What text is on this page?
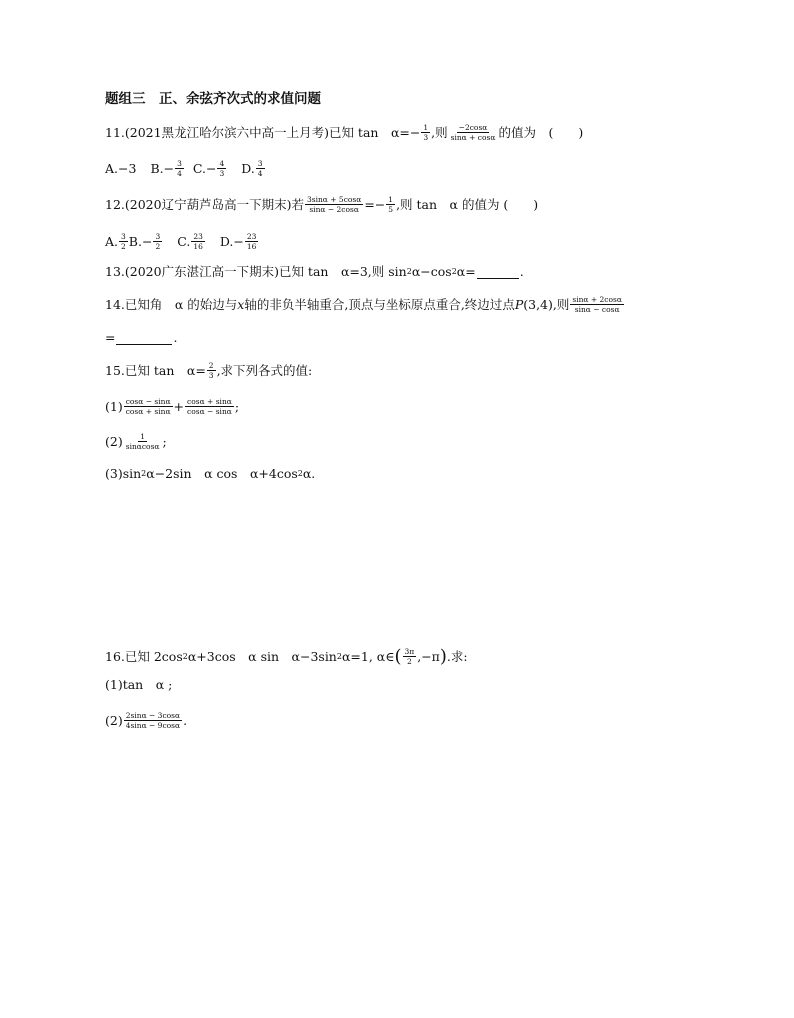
题组三　正、余弦齐次式的求值问题
11.(2021黑龙江哈尔滨六中高一上月考)已知 tan　$\alpha= - \frac{1}{3}$ ,则 $\frac{-2\cos\alpha}{\sin\alpha + \cos\alpha}$ 的值为　(　　)
A.−3 $B.- \frac{3}{4} C.- \frac{4}{3} D$. $\frac{3}{4}$
12.(2020辽宁葫芦岛高一下期末)若 $\frac{3\sin\alpha + 5\cos\alpha}{\sin\alpha - 2\cos\alpha} =- \frac{1}{5}$ ,则 tan　α 的值为 (　　)
A. $\frac{3}{2} B.- \frac{3}{2} C$. $\frac{23}{16} D.- \frac{23}{16}$
13.(2020广东湛江高一下期末)已知 tan　α=3,则 sin 2 α−cos 2 α=	.
14.已知角　α 的始边与 x 轴的非负半轴重合,顶点与坐标原点重合,终边过点 P (3,4),则 $\frac{\sin\alpha + 2\cos\alpha}{\sin\alpha - \cos\alpha}$
=	.
15.已知 tan　$\alpha= \frac{2}{3}$ ,求下列各式的值:
$(1) \frac{\cos\alpha - \sin\alpha}{\cos\alpha + \sin\alpha} + \frac{\cos\alpha + \sin\alpha}{\cos\alpha - \sin\alpha}$ ;
$(2) \frac{1}{\sin\alpha\cos\alpha}$ ;
(3)sin 2 α−2sin　α cos　α+4cos 2 α.
16.已知 2cos 2 α+3cos　α sin　α−3sin 2 α=1, α∈ ( $\frac{3\pi}{2} ,-\pi$ ) .求:
(1)tan　α ;
$(2) \frac{2\sin\alpha - 3\cos\alpha}{4\sin\alpha - 9\cos\alpha}$ .
